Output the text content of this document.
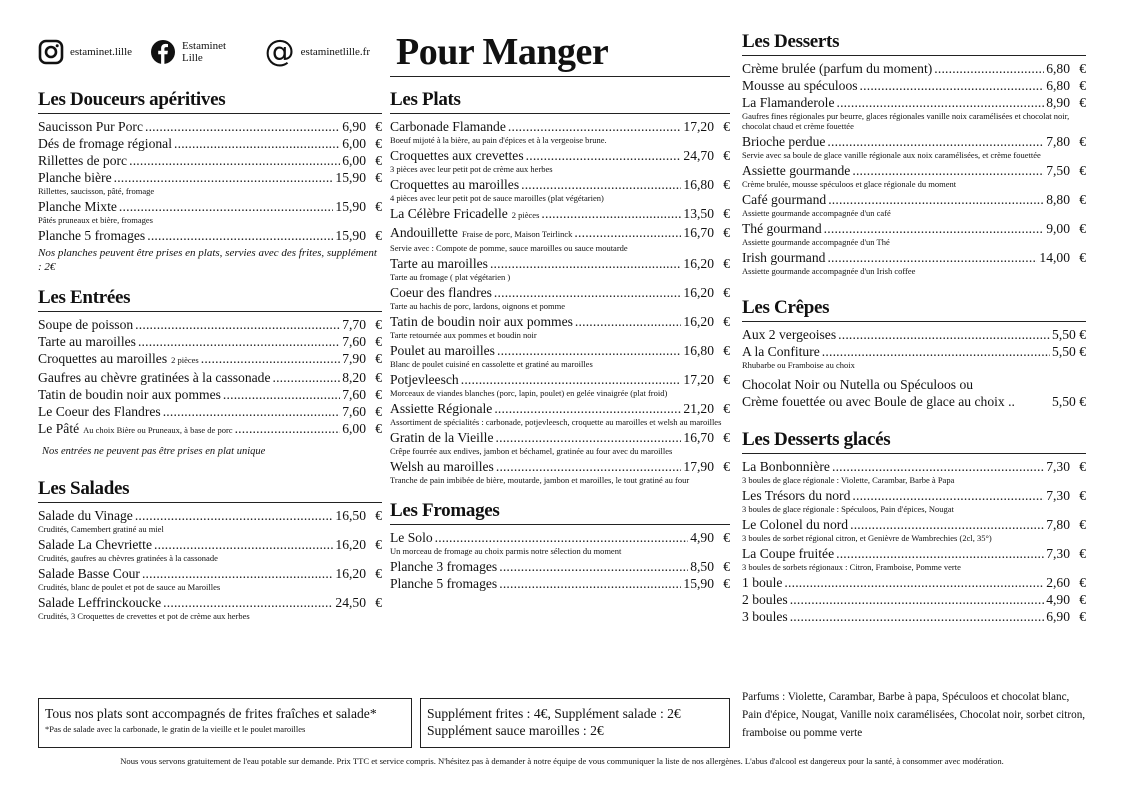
estaminet.lille	Estaminet Lille	@ estaminetlille.fr
Les Douceurs apéritives
Saucisson Pur Porc . . .	6,90 €
Dés de fromage régional . . .	6,00 €
Rillettes de porc . . .	6,00 €
Planche bière . . .	15,90 €
Rillettes, saucisson, pâté, fromage
Planche Mixte . . .	15,90 €
Pâtés pruneaux et bière, fromages
Planche 5 fromages . . .	15,90 €
Nos planches peuvent être prises en plats, servies avec des frites, supplément : 2€
Les Entrées
Soupe de poisson . . .	7,70 €
Tarte au maroilles . . .	7,60 €
Croquettes au maroilles 2 pièces . . .	7,90 €
Gaufres au chèvre gratinées à la cassonade . . .	8,20 €
Tatin de boudin noir aux pommes . . .	7,60 €
Le Coeur des Flandres . . .	7,60 €
Le Pâté Au choix Bière ou Pruneaux, à base de porc . . .	6,00 €
Nos entrées ne peuvent pas être prises en plat unique
Les Salades
Salade du Vinage . . .	16,50 €
Crudités, Camembert gratiné au miel
Salade La Chevriette . . .	16,20 €
Crudités, gaufres au chèvres gratinées à la cassonade
Salade Basse Cour . . .	16,20 €
Crudités, blanc de poulet et pot de sauce au Maroilles
Salade Leffrinckoucke . . .	24,50 €
Crudités, 3 Croquettes de crevettes et pot de crème aux herbes
Pour Manger
Les Plats
Carbonade Flamande . . .	17,20 €
Boeuf mijoté à la bière, au pain d'épices et à la vergeoise brune.
Croquettes aux crevettes . . .	24,70 €
3 pièces avec leur petit pot de crème aux herbes
Croquettes au maroilles . . .	16,80 €
4 pièces avec leur petit pot de sauce maroilles (plat végétarien)
La Célèbre Fricadelle 2 pièces . . .	13,50 €
Andouillette Fraise de porc, Maison Teirlinck . . .	16,70 €
Servie avec : Compote de pomme, sauce maroilles ou sauce moutarde
Tarte au maroilles . . .	16,20 €
Tarte au fromage ( plat végétarien )
Coeur des flandres . . .	16,20 €
Tarte au hachis de porc, lardons, oignons et pomme
Tatin de boudin noir aux pommes . . .	16,20 €
Tarte retournée aux pommes et boudin noir
Poulet au maroilles . . .	16,80 €
Blanc de poulet cuisiné en cassolette et gratiné au maroilles
Potjevleesch . . .	17,20 €
Morceaux de viandes blanches (porc, lapin, poulet) en gelée vinaigrée (plat froid)
Assiette Régionale . . .	21,20 €
Assortiment de spécialités : carbonade, potjevleesch, croquette au maroilles et welsh au maroilles
Gratin de la Vieille . . .	16,70 €
Crêpe fourrée aux endives, jambon et béchamel, gratinée au four avec du maroilles
Welsh au maroilles . . .	17,90 €
Tranche de pain imbibée de bière, moutarde, jambon et maroilles, le tout gratiné au four
Les Fromages
Le Solo . . .	4,90 €
Un morceau de fromage au choix parmis notre sélection du moment
Planche 3 fromages . . .	8,50 €
Planche 5 fromages . . .	15,90 €
Les Desserts
Crème brulée (parfum du moment) . . .	6,80 €
Mousse au spéculoos . . .	6,80 €
La Flamanderole . . .	8,90 €
Gaufres fines régionales pur beurre, glaces régionales vanille noix caramélisées et chocolat noir, chocolat chaud et crème fouettée
Brioche perdue . . .	7,80 €
Servie avec sa boule de glace vanille régionale aux noix caramélisées, et crème fouettée
Assiette gourmande . . .	7,50 €
Crème brulée, mousse spéculoos et glace régionale du moment
Café gourmand . . .	8,80 €
Assiette gourmande accompagnée d'un café
Thé gourmand . . .	9,00 €
Assiette gourmande accompagnée d'un Thé
Irish gourmand . . .	14,00 €
Assiette gourmande accompagnée d'un Irish coffee
Les Crêpes
Aux 2 vergeoises . . .	5,50 €
A la Confiture . . .	5,50 €
Rhubarbe ou Framboise au choix
Chocolat Noir ou Nutella ou Spéculoos ou
Crème fouettée ou avec Boule de glace au choix ..	5,50 €
Les Desserts glacés
La Bonbonnière . . .	7,30 €
3 boules de glace régionale : Violette, Carambar, Barbe à Papa
Les Trésors du nord . . .	7,30 €
3 boules de glace régionale : Spéculoos, Pain d'épices, Nougat
Le Colonel du nord . . .	7,80 €
3 boules de sorbet régional citron, et Genièvre de Wambrechies (2cl, 35°)
La Coupe fruitée . . .	7,30 €
3 boules de sorbets régionaux : Citron, Framboise, Pomme verte
1 boule . . .	2,60 €
2 boules . . .	4,90 €
3 boules . . .	6,90 €
Tous nos plats sont accompagnés de frites fraîches et salade*
*Pas de salade avec la carbonade, le gratin de la vieille et le poulet maroilles
Supplément frites : 4€, Supplément salade : 2€
Supplément sauce maroilles : 2€
Parfums : Violette, Carambar, Barbe à papa, Spéculoos et chocolat blanc, Pain d'épice, Nougat, Vanille noix caramélisées, Chocolat noir, sorbet citron, framboise ou pomme verte
Nous vous servons gratuitement de l'eau potable sur demande. Prix TTC et service compris. N'hésitez pas à demander à notre équipe de vous communiquer la liste de nos allergènes. L'abus d'alcool est dangereux pour la santé, à consommer avec modération.
